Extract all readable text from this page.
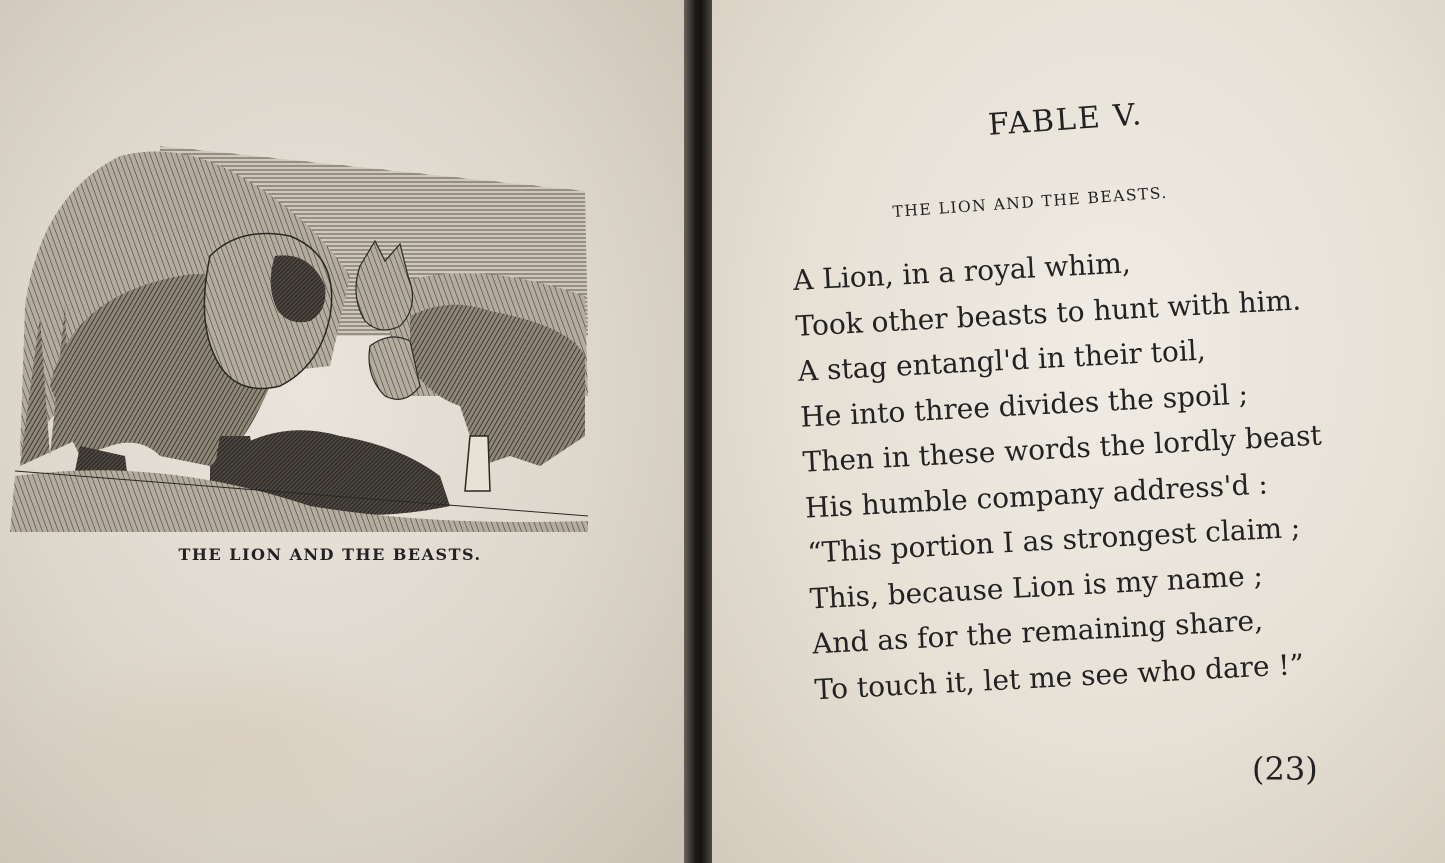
THE LION AND THE BEASTS.
FABLE V.
THE LION AND THE BEASTS.
A Lion, in a royal whim,
Took other beasts to hunt with him.
A stag entangl'd in their toil,
He into three divides the spoil ;
Then in these words the lordly beast
His humble company address'd :
“This portion I as strongest claim ;
This, because Lion is my name ;
And as for the remaining share,
To touch it, let me see who dare !”
(23)
